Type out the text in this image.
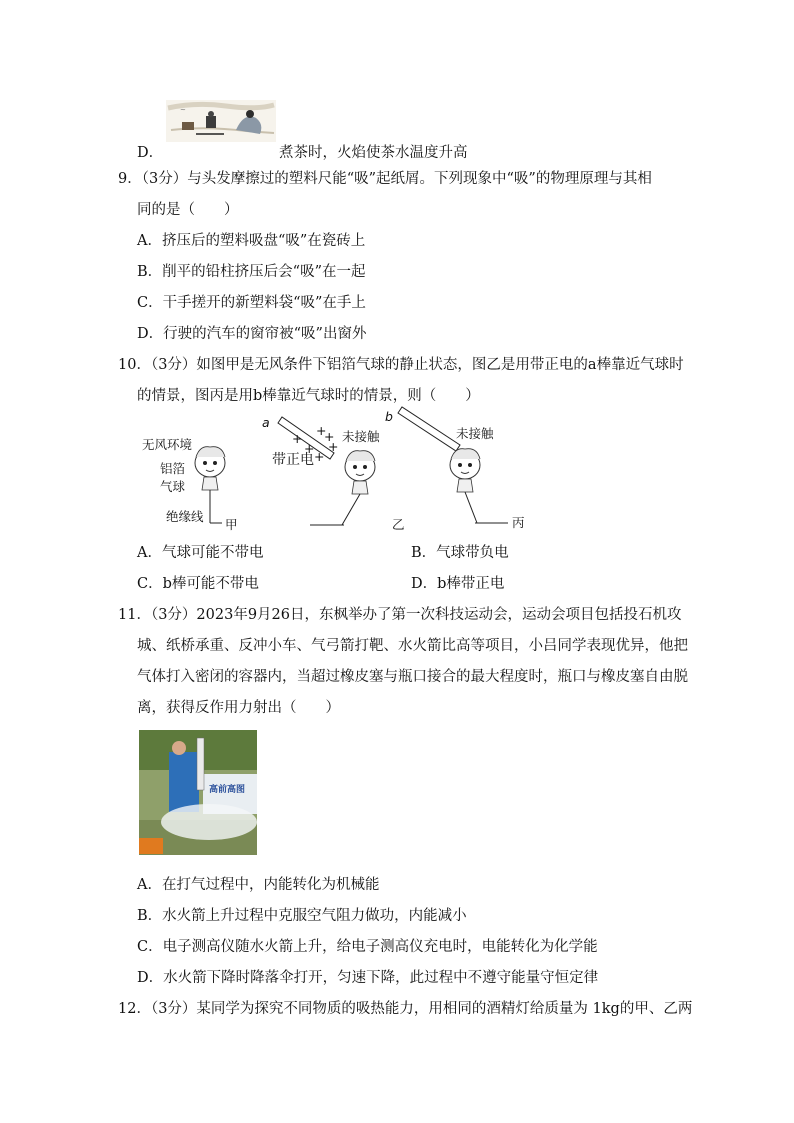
~
D．	煮茶时，火焰使茶水温度升高
9．（3分）与头发摩擦过的塑料尺能“吸”起纸屑。下列现象中“吸”的物理原理与其相
同的是（　　）
A．挤压后的塑料吸盘“吸”在瓷砖上
B．削平的铅柱挤压后会“吸”在一起
C．干手搓开的新塑料袋“吸”在手上
D．行驶的汽车的窗帘被“吸”出窗外
10．（3分）如图甲是无风条件下铝箔气球的静止状态，图乙是用带正电的a棒靠近气球时
的情景，图丙是用b棒靠近气球时的情景，则（　　）
无风环境
铝箔
气球
绝缘线
甲
a
带正电
+
+
+
+ +
+
未接触
乙
b
未接触
丙
A．气球可能不带电	B．气球带负电
C．b棒可能不带电	D．b棒带正电
11．（3分）2023年9月26日，东枫举办了第一次科技运动会，运动会项目包括投石机攻
城、纸桥承重、反冲小车、气弓箭打靶、水火箭比高等项目，小吕同学表现优异，他把
气体打入密闭的容器内，当超过橡皮塞与瓶口接合的最大程度时，瓶口与橡皮塞自由脱
离，获得反作用力射出（　　）
高前高图
A．在打气过程中，内能转化为机械能
B．水火箭上升过程中克服空气阻力做功，内能减小
C．电子测高仪随水火箭上升，给电子测高仪充电时，电能转化为化学能
D．水火箭下降时降落伞打开，匀速下降，此过程中不遵守能量守恒定律
12．（3分）某同学为探究不同物质的吸热能力，用相同的酒精灯给质量为 1kg的甲、乙两
